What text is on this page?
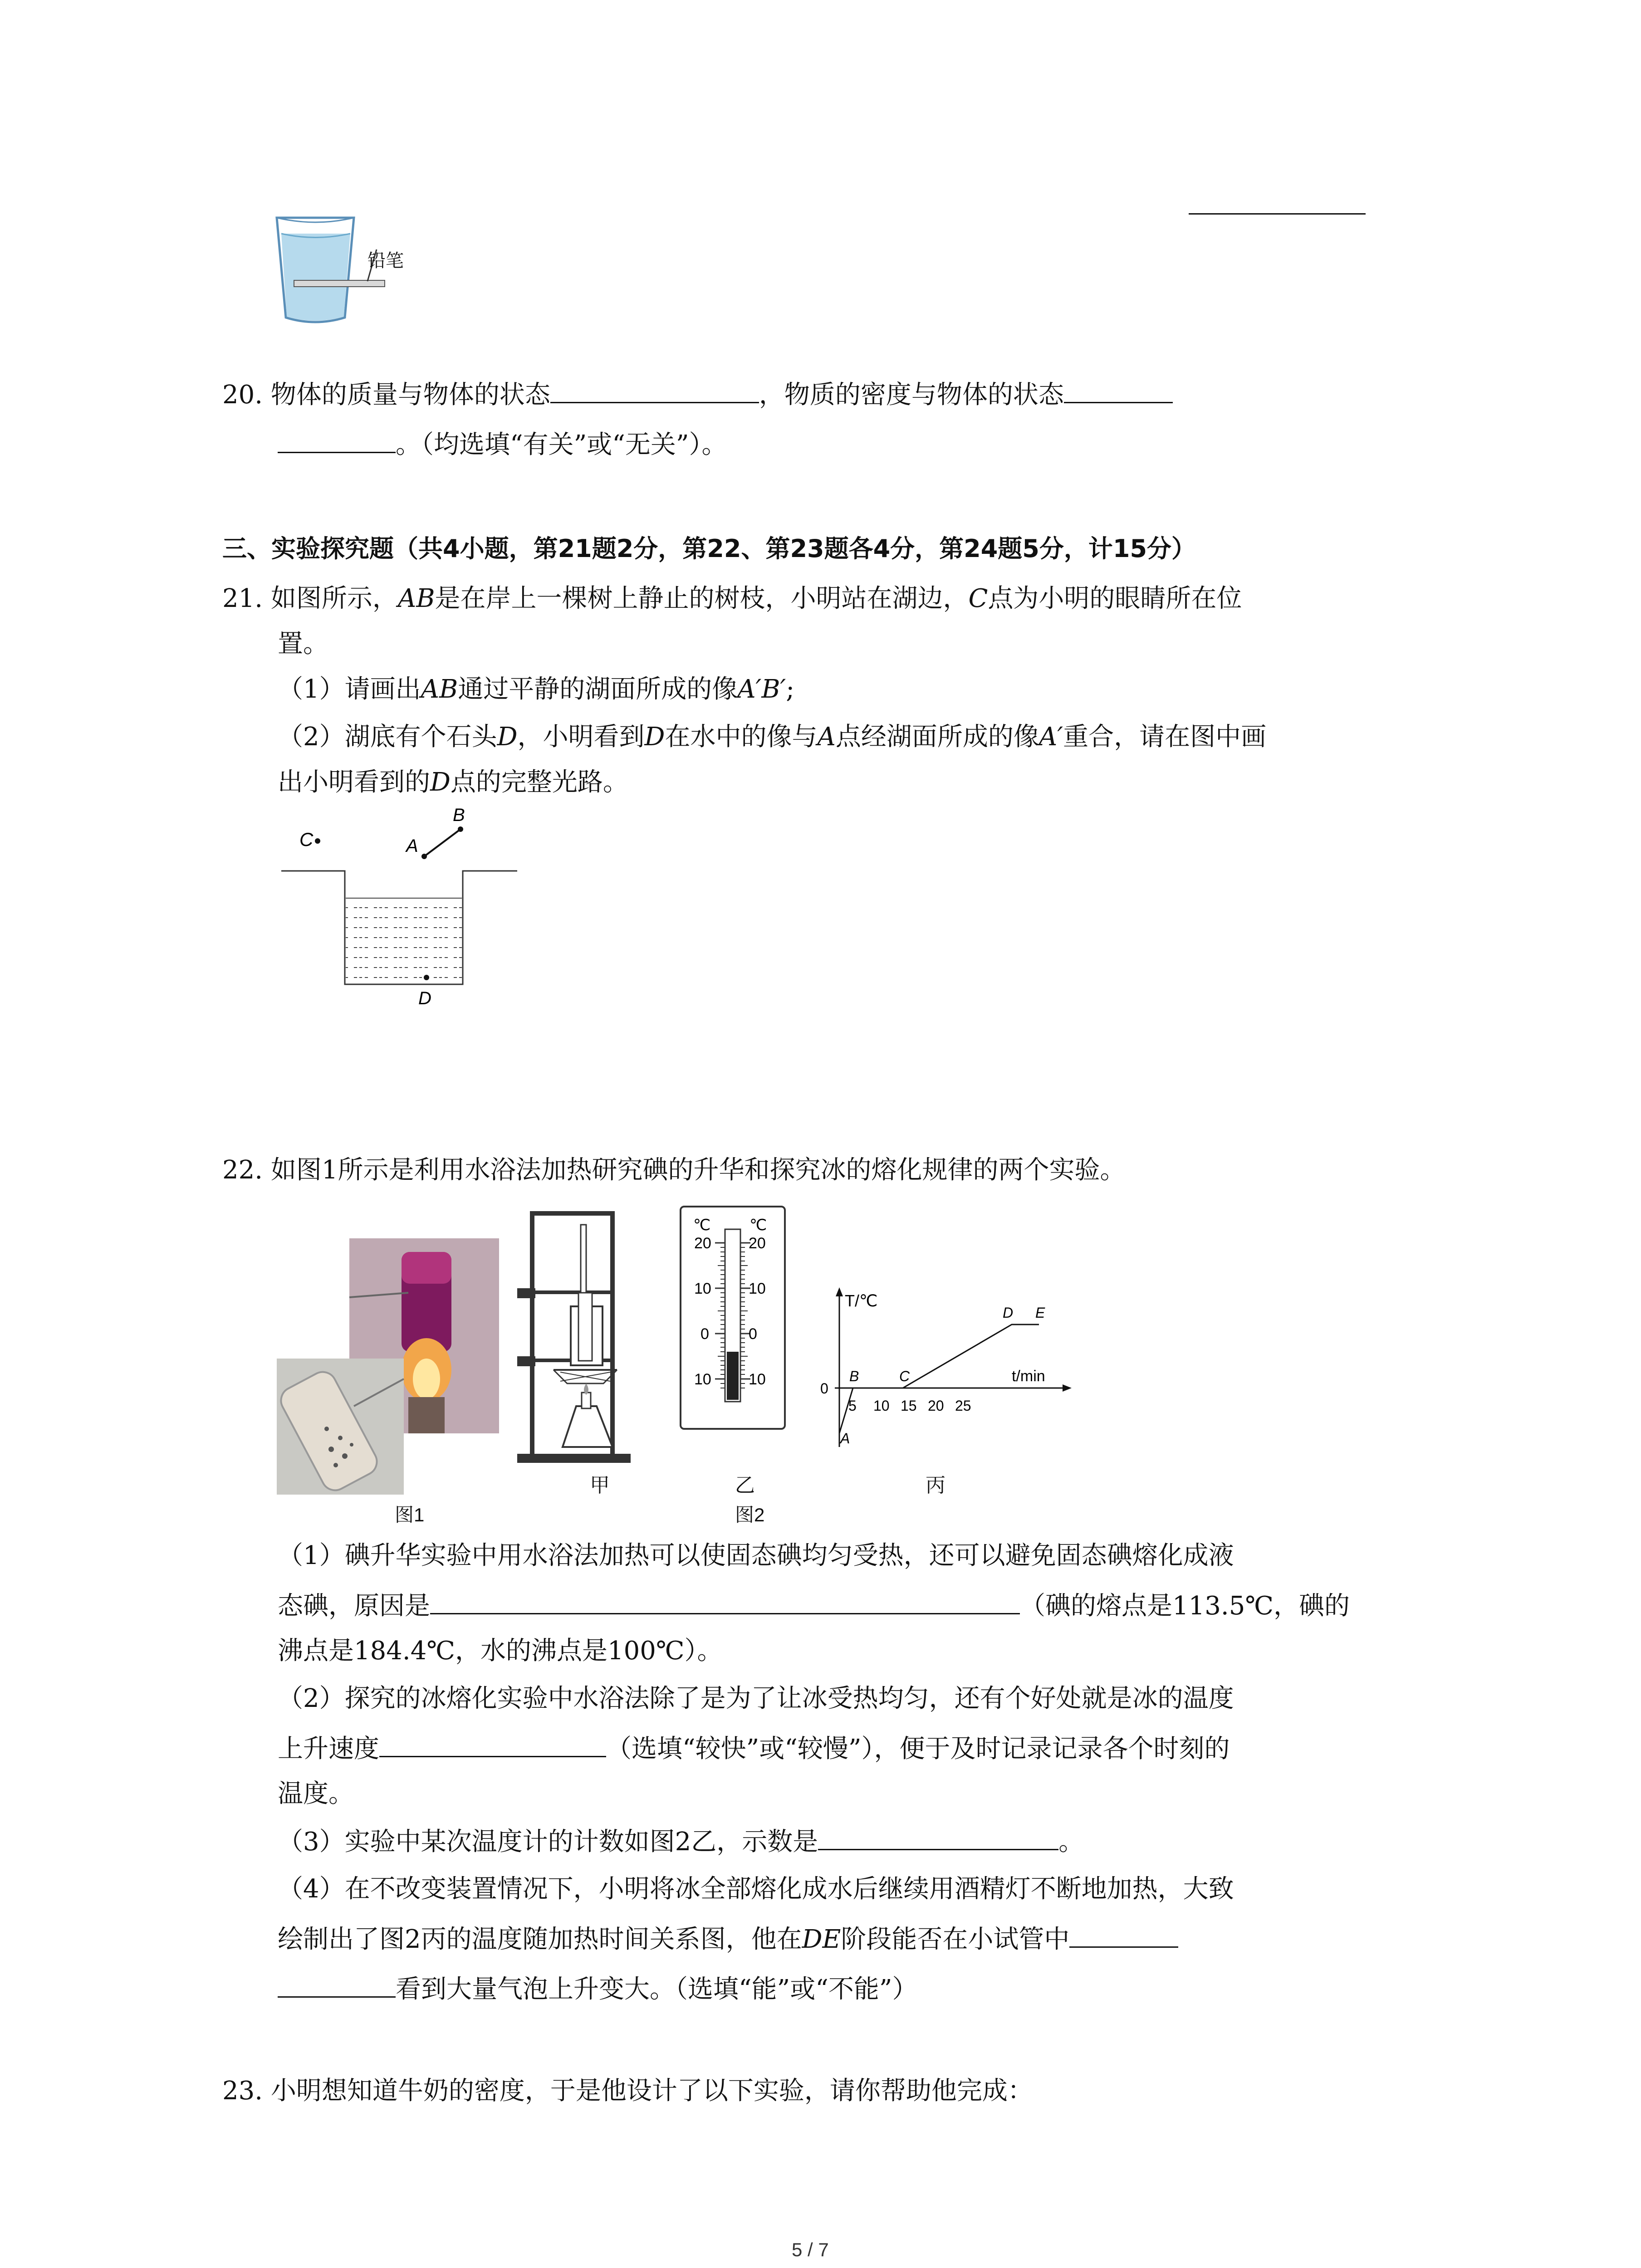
铅笔
20. 物体的质量与物体的状态	，物质的密度与物体的状态
。（均选填“有关”或“无关”）。
三、实验探究题（共4小题，第21题2分，第22、第23题各4分，第24题5分，计15分）
21. 如图所示，AB是在岸上一棵树上静止的树枝，小明站在湖边，C点为小明的眼睛所在位
置。
（1）请画出AB通过平静的湖面所成的像A′B′;
（2）湖底有个石头D，小明看到D在水中的像与A点经湖面所成的像A′重合，请在图中画
出小明看到的D点的完整光路。
C	A
B
D
22. 如图1所示是利用水浴法加热研究碘的升华和探究冰的熔化规律的两个实验。
℃	℃
20
10
0
10
20
10
0
10
T/℃
t/min
0
5 10 15 20 25
A
B	C
D E
甲	乙	丙
图1	图2
（1）碘升华实验中用水浴法加热可以使固态碘均匀受热，还可以避免固态碘熔化成液
态碘，原因是	（碘的熔点是113.5℃，碘的
沸点是184.4℃，水的沸点是100℃）。
（2）探究的冰熔化实验中水浴法除了是为了让冰受热均匀，还有个好处就是冰的温度
上升速度	（选填“较快”或“较慢”），便于及时记录记录各个时刻的
温度。
（3）实验中某次温度计的计数如图2乙，示数是	。
（4）在不改变装置情况下，小明将冰全部熔化成水后继续用酒精灯不断地加热，大致
绘制出了图2丙的温度随加热时间关系图，他在DE阶段能否在小试管中
看到大量气泡上升变大。（选填“能”或“不能”）
23. 小明想知道牛奶的密度，于是他设计了以下实验，请你帮助他完成：
5 / 7
